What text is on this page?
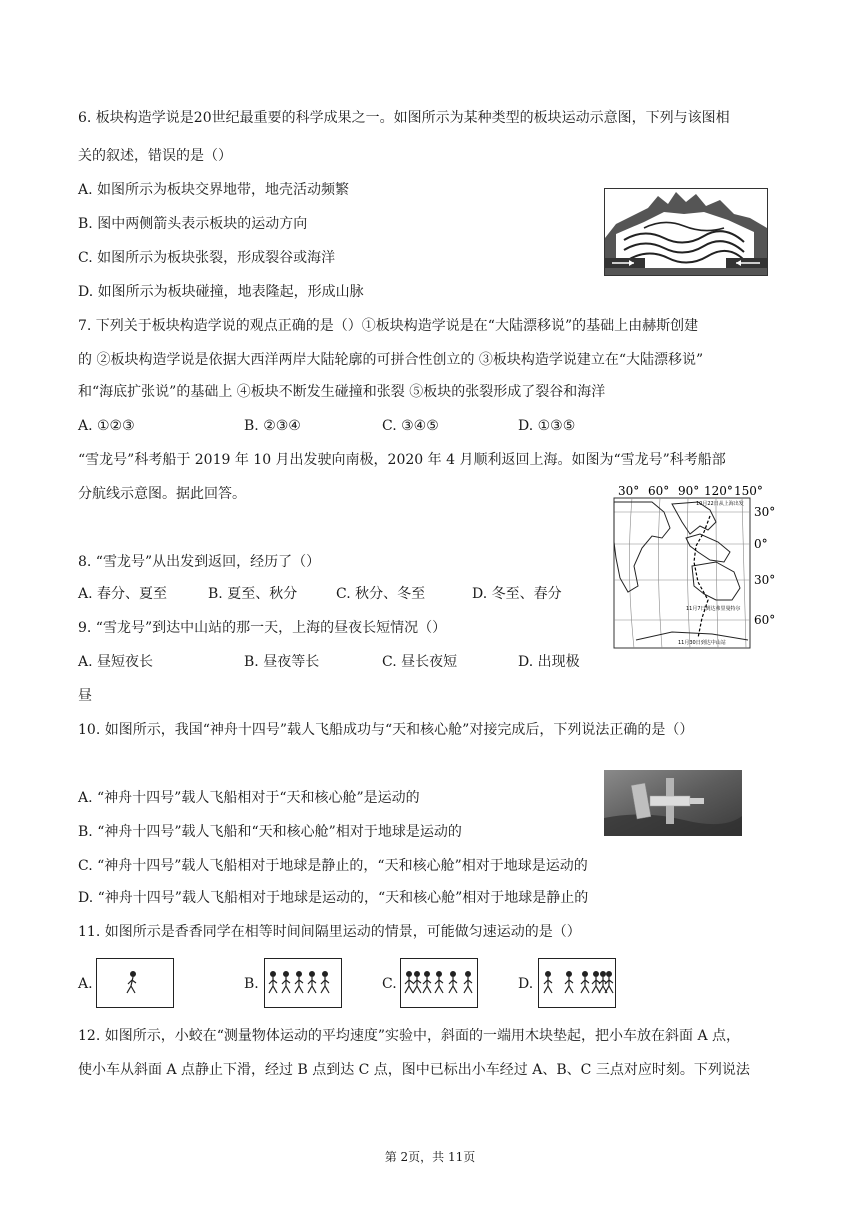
6. 板块构造学说是20世纪最重要的科学成果之一。如图所示为某种类型的板块运动示意图，下列与该图相
关的叙述，错误的是（）
A. 如图所示为板块交界地带，地壳活动频繁
B. 图中两侧箭头表示板块的运动方向
C. 如图所示为板块张裂，形成裂谷或海洋
D. 如图所示为板块碰撞，地表隆起，形成山脉
7. 下列关于板块构造学说的观点正确的是（）①板块构造学说是在“大陆漂移说”的基础上由赫斯创建
的 ②板块构造学说是依据大西洋两岸大陆轮廓的可拼合性创立的 ③板块构造学说建立在“大陆漂移说”
和“海底扩张说”的基础上 ④板块不断发生碰撞和张裂 ⑤板块的张裂形成了裂谷和海洋
A. ①②③	B. ②③④	C. ③④⑤	D. ①③⑤
“雪龙号”科考船于 2019 年 10 月出发驶向南极，2020 年 4 月顺利返回上海。如图为“雪龙号”科考船部
分航线示意图。据此回答。	30° 60° 90° 120° 150°
10月22日从上海出发
11月7日到达弗里曼特尔
11月30日到达中山站
30°
0°
30°
60°
8. “雪龙号”从出发到返回，经历了（）
A. 春分、夏至	B. 夏至、秋分	C. 秋分、冬至	D. 冬至、春分
9. “雪龙号”到达中山站的那一天，上海的昼夜长短情况（）
A. 昼短夜长	B. 昼夜等长	C. 昼长夜短	D. 出现极
昼
10. 如图所示，我国“神舟十四号”载人飞船成功与“天和核心舱”对接完成后，下列说法正确的是（）
A. “神舟十四号”载人飞船相对于“天和核心舱”是运动的
B. “神舟十四号”载人飞船和“天和核心舱”相对于地球是运动的
C. “神舟十四号”载人飞船相对于地球是静止的，“天和核心舱”相对于地球是运动的
D. “神舟十四号”载人飞船相对于地球是运动的，“天和核心舱”相对于地球是静止的
11. 如图所示是香香同学在相等时间间隔里运动的情景，可能做匀速运动的是（）
A.	B.	C.	D.
12. 如图所示，小蛟在“测量物体运动的平均速度”实验中，斜面的一端用木块垫起，把小车放在斜面 A 点，
使小车从斜面 A 点静止下滑，经过 B 点到达 C 点，图中已标出小车经过 A、B、C 三点对应时刻。下列说法
第 2页，共 11页
